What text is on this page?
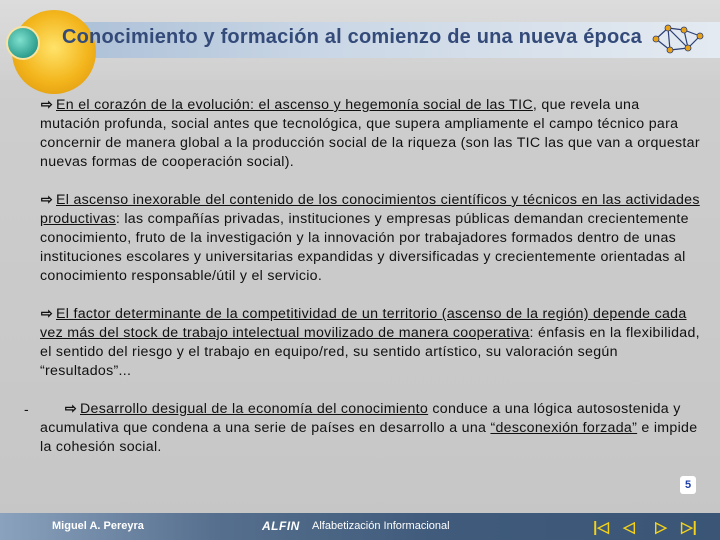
Conocimiento y formación al comienzo de una nueva época

⇨ En el corazón de la evolución: el ascenso y hegemonía social de las TIC, que revela una mutación profunda, social antes que tecnológica, que supera ampliamente el campo técnico para concernir de manera global a la producción social de la riqueza (son las TIC las que van a orquestar nuevas formas de cooperación social).

⇨ El ascenso inexorable del contenido de los conocimientos científicos y técnicos en las actividades productivas: las compañías privadas, instituciones y empresas públicas demandan crecientemente conocimiento, fruto de la investigación y la innovación por trabajadores formados dentro de unas instituciones escolares y universitarias expandidas y diversificadas y crecientemente orientadas al conocimiento responsable/útil y el servicio.

⇨ El factor determinante de la competitividad de un territorio (ascenso de la región) depende cada vez más del stock de trabajo intelectual movilizado de manera cooperativa: énfasis en la flexibilidad, el sentido del riesgo y el trabajo en equipo/red, su sentido artístico, su valoración según “resultados”...

-	⇨ Desarrollo desigual de la economía del conocimiento conduce a una lógica autosostenida y acumulativa que condena a una serie de países en desarrollo a una “desconexión forzada” e impide la cohesión social.

5
Miguel A. Pereyra	ALFIN Alfabetización Informacional	|◁ ◁	▷ ▷|
